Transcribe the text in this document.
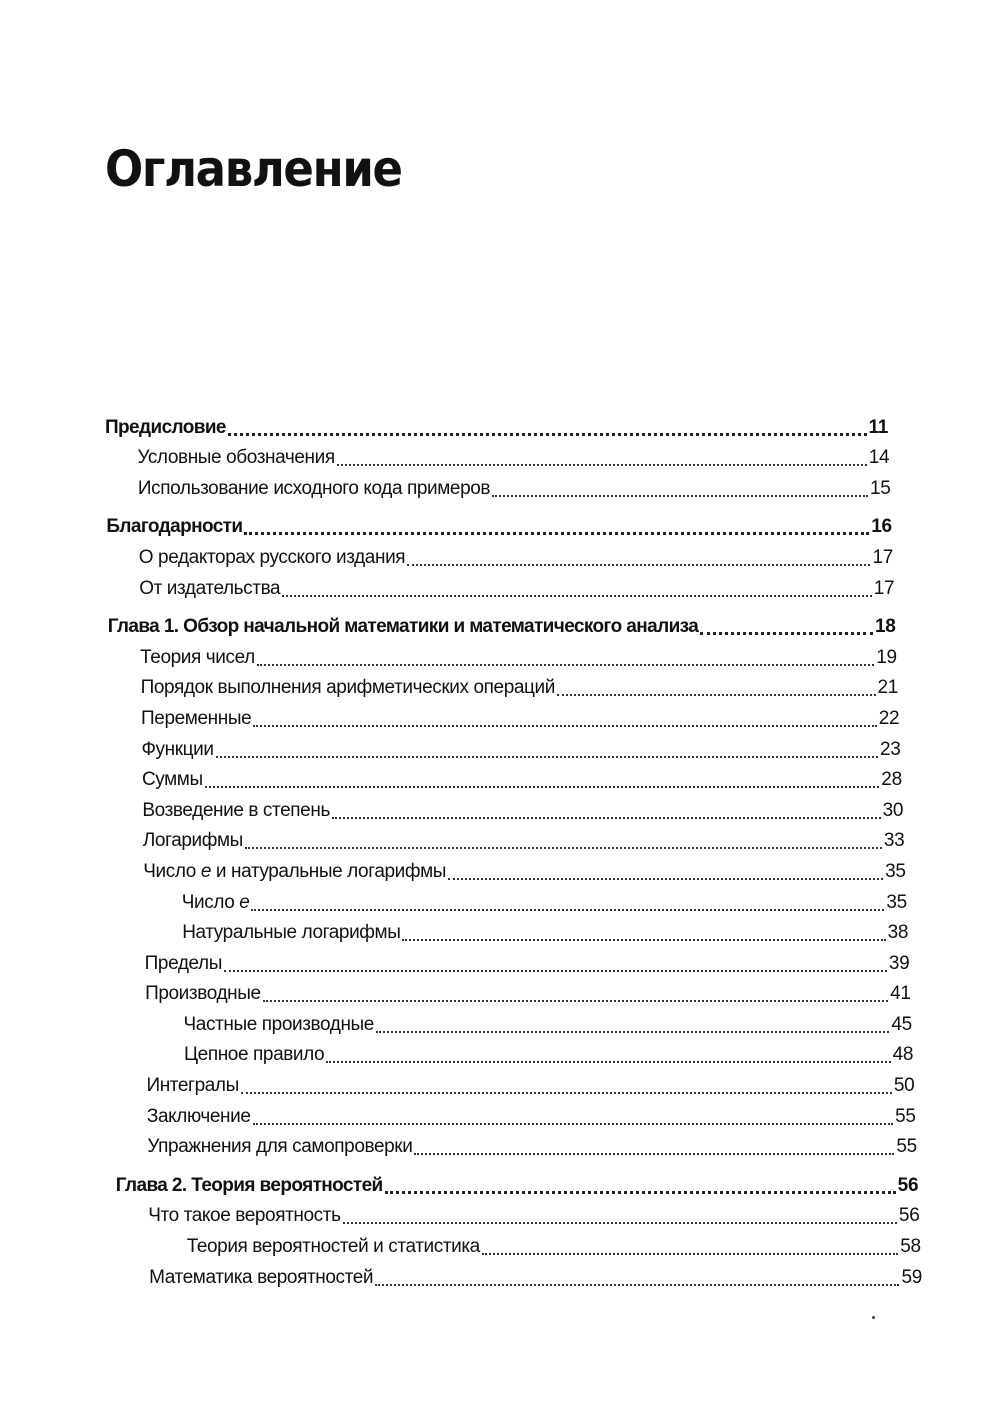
Оглавление
Предисловие	11
Условные обозначения	14
Использование исходного кода примеров	15
Благодарности	16
О редакторах русского издания	17
От издательства	17
Глава 1. Обзор начальной математики и математического анализа	18
Теория чисел	19
Порядок выполнения арифметических операций	21
Переменные	22
Функции	23
Суммы	28
Возведение в степень	30
Логарифмы	33
Число e и натуральные логарифмы	35
Число e	35
Натуральные логарифмы	38
Пределы	39
Производные	41
Частные производные	45
Цепное правило	48
Интегралы	50
Заключение	55
Упражнения для самопроверки	55
Глава 2. Теория вероятностей	56
Что такое вероятность	56
Теория вероятностей и статистика	58
Математика вероятностей	59
